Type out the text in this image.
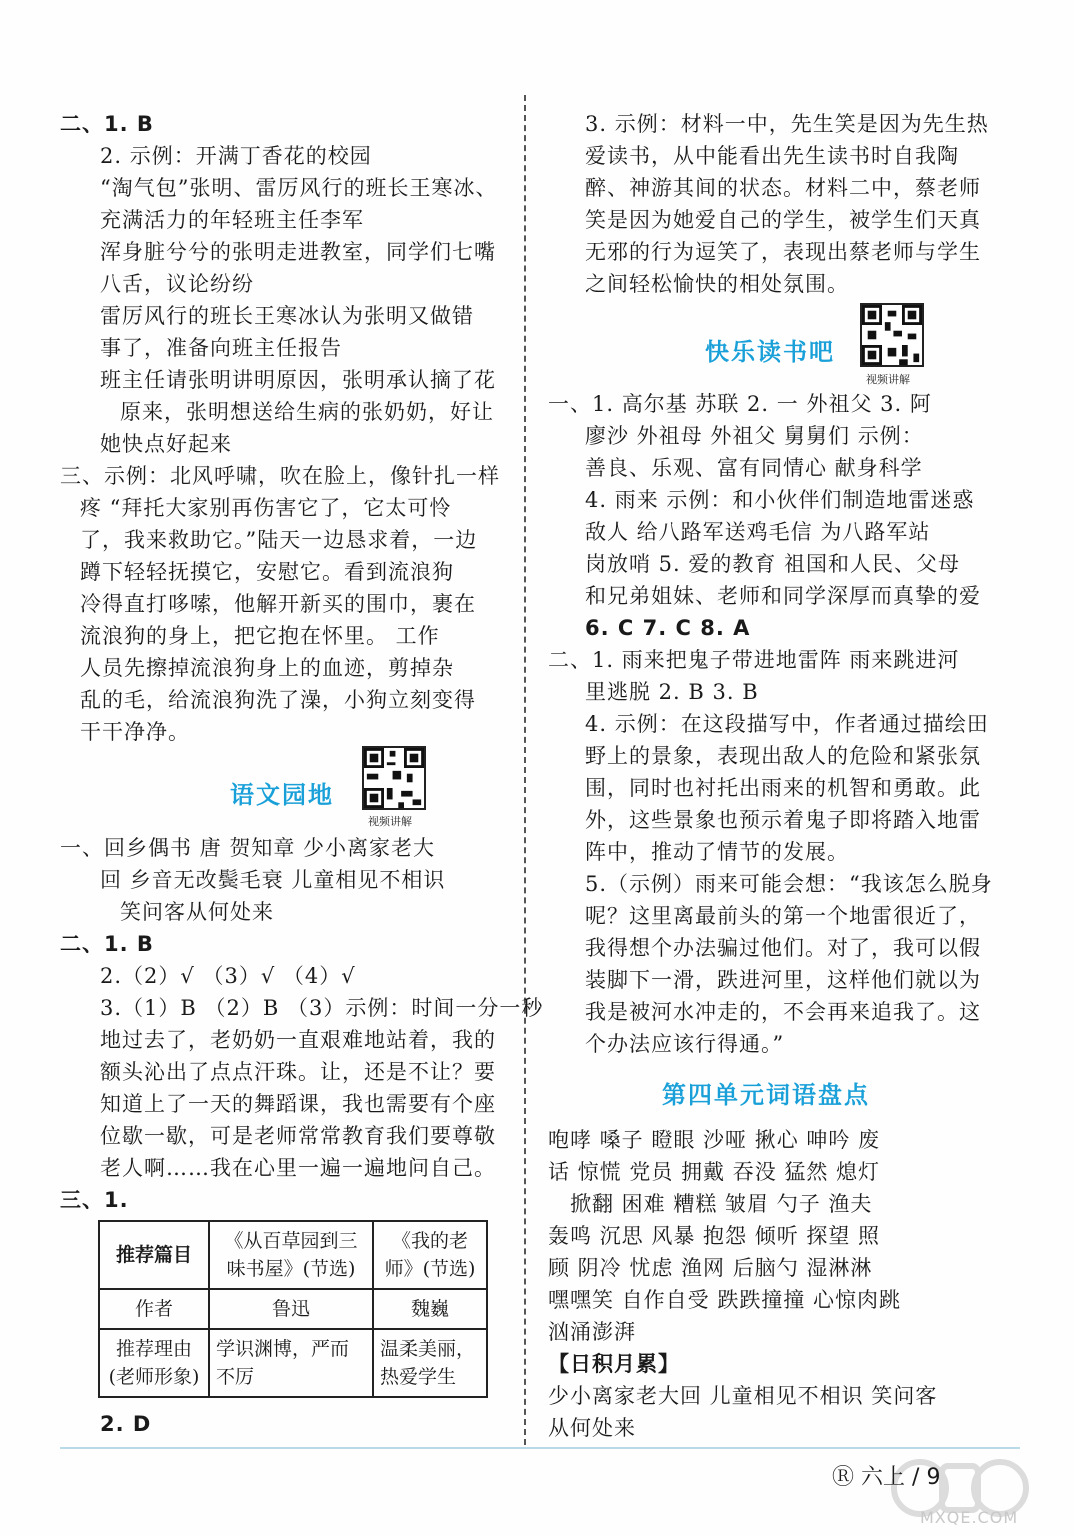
二、1. B
2. 示例：开满丁香花的校园
“淘气包”张明、雷厉风行的班长王寒冰、
充满活力的年轻班主任李军
浑身脏兮兮的张明走进教室，同学们七嘴
八舌，议论纷纷
雷厉风行的班长王寒冰认为张明又做错
事了，准备向班主任报告
班主任请张明讲明原因，张明承认摘了花
原来，张明想送给生病的张奶奶，好让
她快点好起来
三、示例：北风呼啸，吹在脸上，像针扎一样
疼 “拜托大家别再伤害它了，它太可怜
了，我来救助它。”陆天一边恳求着，一边
蹲下轻轻抚摸它，安慰它。看到流浪狗
冷得直打哆嗦，他解开新买的围巾，裹在
流浪狗的身上，把它抱在怀里。 工作
人员先擦掉流浪狗身上的血迹，剪掉杂
乱的毛，给流浪狗洗了澡，小狗立刻变得
干干净净。
语文园地
视频讲解
一、回乡偶书 唐 贺知章 少小离家老大
回 乡音无改鬓毛衰 儿童相见不相识
笑问客从何处来
二、1. B
2.（2）√ （3）√ （4）√
3.（1）B （2）B （3）示例：时间一分一秒
地过去了，老奶奶一直艰难地站着，我的
额头沁出了点点汗珠。让，还是不让？要
知道上了一天的舞蹈课，我也需要有个座
位歇一歇，可是老师常常教育我们要尊敬
老人啊……我在心里一遍一遍地问自己。
三、1.
推荐篇目	《从百草园到三味书屋》(节选)	《我的老师》(节选)
作者	鲁迅	魏巍
推荐理由(老师形象)	学识渊博，严而不厉	温柔美丽，热爱学生
2. D
3. 示例：材料一中，先生笑是因为先生热
爱读书，从中能看出先生读书时自我陶
醉、神游其间的状态。材料二中，蔡老师
笑是因为她爱自己的学生，被学生们天真
无邪的行为逗笑了，表现出蔡老师与学生
之间轻松愉快的相处氛围。
快乐读书吧
视频讲解
一、1. 高尔基 苏联 2. 一 外祖父 3. 阿
廖沙 外祖母 外祖父 舅舅们 示例：
善良、乐观、富有同情心 献身科学
4. 雨来 示例：和小伙伴们制造地雷迷惑
敌人 给八路军送鸡毛信 为八路军站
岗放哨 5. 爱的教育 祖国和人民、父母
和兄弟姐妹、老师和同学深厚而真挚的爱
6. C 7. C 8. A
二、1. 雨来把鬼子带进地雷阵 雨来跳进河
里逃脱 2. B 3. B
4. 示例：在这段描写中，作者通过描绘田
野上的景象，表现出敌人的危险和紧张氛
围，同时也衬托出雨来的机智和勇敢。此
外，这些景象也预示着鬼子即将踏入地雷
阵中，推动了情节的发展。
5.（示例）雨来可能会想：“我该怎么脱身
呢？这里离最前头的第一个地雷很近了，
我得想个办法骗过他们。对了，我可以假
装脚下一滑，跌进河里，这样他们就以为
我是被河水冲走的，不会再来追我了。这
个办法应该行得通。”
第四单元词语盘点
咆哮 嗓子 瞪眼 沙哑 揪心 呻吟 废
话 惊慌 党员 拥戴 吞没 猛然 熄灯
掀翻 困难 糟糕 皱眉 勺子 渔夫
轰鸣 沉思 风暴 抱怨 倾听 探望 照
顾 阴冷 忧虑 渔网 后脑勺 湿淋淋
嘿嘿笑 自作自受 跌跌撞撞 心惊肉跳
汹涌澎湃
【日积月累】
少小离家老大回 儿童相见不相识 笑问客
从何处来
MXQE.COM
Ⓡ 六上 / 9
